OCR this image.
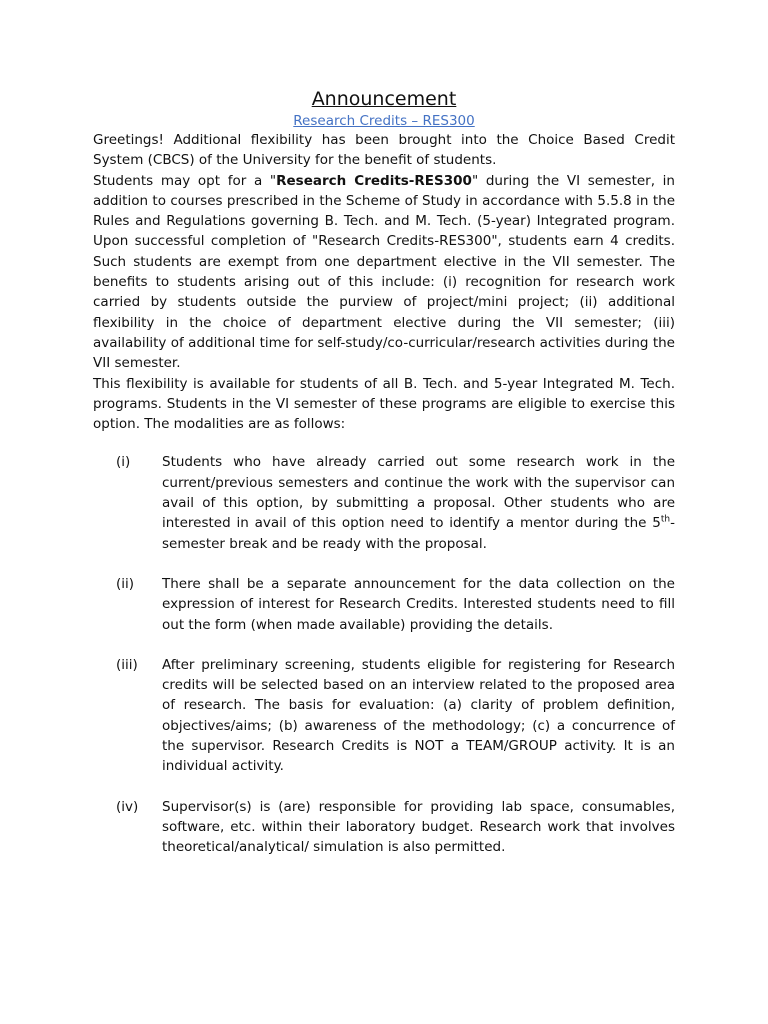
Announcement
Research Credits – RES300

Greetings! Additional flexibility has been brought into the Choice Based Credit System (CBCS) of the University for the benefit of students.

Students may opt for a "Research Credits-RES300" during the VI semester, in addition to courses prescribed in the Scheme of Study in accordance with 5.5.8 in the Rules and Regulations governing B. Tech. and M. Tech. (5-year) Integrated program. Upon successful completion of "Research Credits-RES300", students earn 4 credits. Such students are exempt from one department elective in the VII semester. The benefits to students arising out of this include: (i) recognition for research work carried by students outside the purview of project/mini project; (ii) additional flexibility in the choice of department elective during the VII semester; (iii) availability of additional time for self-study/co-curricular/research activities during the VII semester.

This flexibility is available for students of all B. Tech. and 5-year Integrated M. Tech. programs. Students in the VI semester of these programs are eligible to exercise this option. The modalities are as follows:

(i)	Students who have already carried out some research work in the current/previous semesters and continue the work with the supervisor can avail of this option, by submitting a proposal. Other students who are interested in avail of this option need to identify a mentor during the 5th-semester break and be ready with the proposal.
(ii)	There shall be a separate announcement for the data collection on the expression of interest for Research Credits. Interested students need to fill out the form (when made available) providing the details.
(iii)	After preliminary screening, students eligible for registering for Research credits will be selected based on an interview related to the proposed area of research. The basis for evaluation: (a) clarity of problem definition, objectives/aims; (b) awareness of the methodology; (c) a concurrence of the supervisor. Research Credits is NOT a TEAM/GROUP activity. It is an individual activity.
(iv)	Supervisor(s) is (are) responsible for providing lab space, consumables, software, etc. within their laboratory budget. Research work that involves theoretical/analytical/ simulation is also permitted.
